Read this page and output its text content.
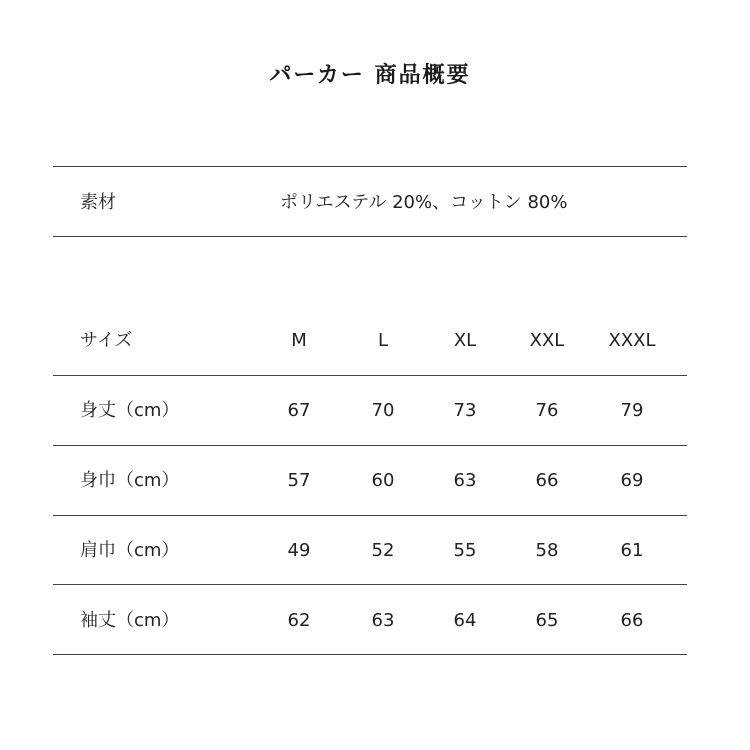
パーカー 商品概要
素材	ポリエステル 20%、コットン 80%
サイズ	M	L	XL	XXL	XXXL
身丈（cm）	67	70	73	76	79
身巾（cm）	57	60	63	66	69
肩巾（cm）	49	52	55	58	61
袖丈（cm）	62	63	64	65	66
